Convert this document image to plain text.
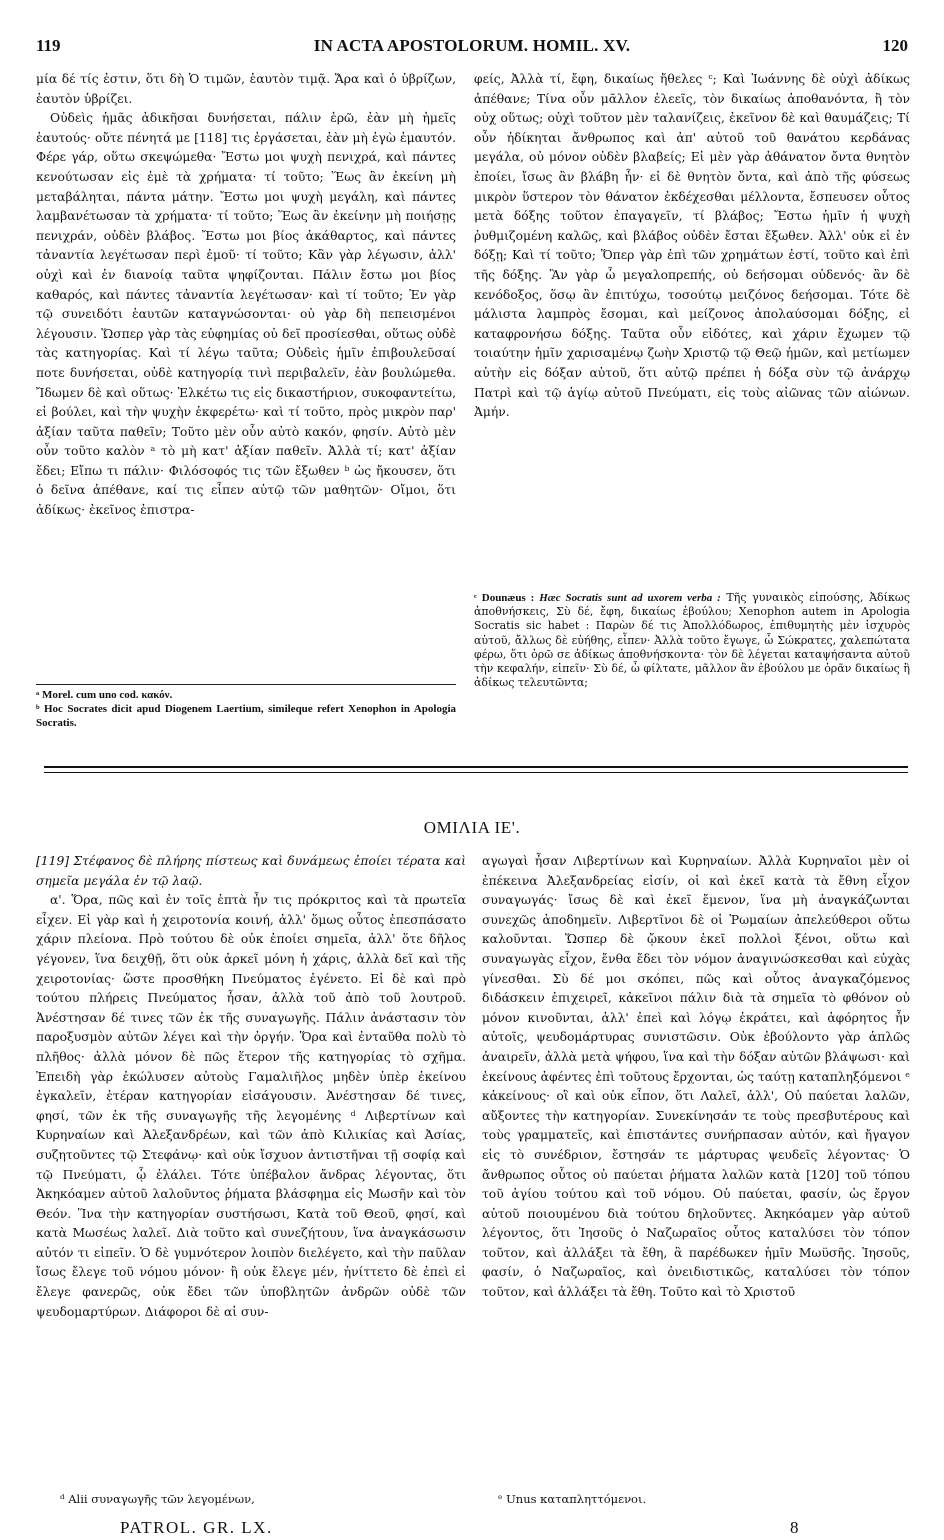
119	IN ACTA APOSTOLORUM. HOMIL. XV.	120

μία δέ τίς ἐστιν, ὅτι δὴ Ὁ τιμῶν, ἑαυτὸν τιμᾷ. Ἄρα καὶ ὁ ὑβρίζων, ἑαυτὸν ὑβρίζει.

Οὐδεὶς ἡμᾶς ἀδικῆσαι δυνήσεται, πάλιν ἐρῶ, ἐὰν μὴ ἡμεῖς ἑαυτούς· οὔτε πένητά με [118] τις ἐργάσεται, ἐὰν μὴ ἐγὼ ἐμαυτόν. Φέρε γάρ, οὕτω σκεψώμεθα· Ἔστω μοι ψυχὴ πενιχρά, καὶ πάντες κενούτωσαν εἰς ἐμὲ τὰ χρήματα· τί τοῦτο; Ἕως ἂν ἐκείνη μὴ μεταβάληται, πάντα μάτην. Ἔστω μοι ψυχὴ μεγάλη, καὶ πάντες λαμβανέτωσαν τὰ χρήματα· τί τοῦτο; Ἕως ἂν ἐκείνην μὴ ποιήσῃς πενιχράν, οὐδὲν βλάβος. Ἔστω μοι βίος ἀκάθαρτος, καὶ πάντες τἀναντία λεγέτωσαν περὶ ἐμοῦ· τί τοῦτο; Κἂν γὰρ λέγωσιν, ἀλλ' οὐχὶ καὶ ἐν διανοίᾳ ταῦτα ψηφίζονται. Πάλιν ἔστω μοι βίος καθαρός, καὶ πάντες τἀναντία λεγέτωσαν· καὶ τί τοῦτο; Ἐν γὰρ τῷ συνειδότι ἑαυτῶν καταγνώσονται· οὐ γὰρ δὴ πεπεισμένοι λέγουσιν. Ὥσπερ γὰρ τὰς εὐφημίας οὐ δεῖ προσίεσθαι, οὕτως οὐδὲ τὰς κατηγορίας. Καὶ τί λέγω ταῦτα; Οὐδεὶς ἡμῖν ἐπιβουλεῦσαί ποτε δυνήσεται, οὐδὲ κατηγορίᾳ τινὶ περιβαλεῖν, ἐὰν βουλώμεθα. Ἴδωμεν δὲ καὶ οὕτως· Ἑλκέτω τις εἰς δικαστήριον, συκοφαντείτω, εἰ βούλει, καὶ τὴν ψυχὴν ἐκφερέτω· καὶ τί τοῦτο, πρὸς μικρὸν παρ' ἀξίαν ταῦτα παθεῖν; Τοῦτο μὲν οὖν αὐτὸ κακόν, φησίν. Αὐτὸ μὲν οὖν τοῦτο καλὸν ᵃ τὸ μὴ κατ' ἀξίαν παθεῖν. Ἀλλὰ τί; κατ' ἀξίαν ἔδει; Εἴπω τι πάλιν· Φιλόσοφός τις τῶν ἔξωθεν ᵇ ὡς ἤκουσεν, ὅτι ὁ δεῖνα ἀπέθανε, καί τις εἶπεν αὐτῷ τῶν μαθητῶν· Οἴμοι, ὅτι ἀδίκως· ἐκεῖνος ἐπιστρα-

ᵃ Morel. cum uno cod. κακόν.
ᵇ Hoc Socrates dicit apud Diogenem Laertium, simileque refert Xenophon in Apologia Socratis.

φείς, Ἀλλὰ τί, ἔφη, δικαίως ἤθελες ᶜ; Καὶ Ἰωάννης δὲ οὐχὶ ἀδίκως ἀπέθανε; Τίνα οὖν μᾶλλον ἐλεεῖς, τὸν δικαίως ἀποθανόντα, ἢ τὸν οὐχ οὕτως; οὐχὶ τοῦτον μὲν ταλανίζεις, ἐκεῖνον δὲ καὶ θαυμάζεις; Τί οὖν ἠδίκηται ἄνθρωπος καὶ ἀπ' αὐτοῦ τοῦ θανάτου κερδάνας μεγάλα, οὐ μόνον οὐδὲν βλαβείς; Εἰ μὲν γὰρ ἀθάνατον ὄντα θνητὸν ἐποίει, ἴσως ἂν βλάβη ἦν· εἰ δὲ θνητὸν ὄντα, καὶ ἀπὸ τῆς φύσεως μικρὸν ὕστερον τὸν θάνατον ἐκδέχεσθαι μέλλοντα, ἔσπευσεν οὗτος μετὰ δόξης τοῦτον ἐπαγαγεῖν, τί βλάβος; Ἔστω ἡμῖν ἡ ψυχὴ ῥυθμιζομένη καλῶς, καὶ βλάβος οὐδὲν ἔσται ἔξωθεν. Ἀλλ' οὐκ εἰ ἐν δόξῃ; Καὶ τί τοῦτο; Ὅπερ γὰρ ἐπὶ τῶν χρημάτων ἐστί, τοῦτο καὶ ἐπὶ τῆς δόξης. Ἂν γὰρ ὦ μεγαλοπρεπής, οὐ δεήσομαι οὐδενός· ἂν δὲ κενόδοξος, ὅσῳ ἂν ἐπιτύχω, τοσούτῳ μειζόνος δεήσομαι. Τότε δὲ μάλιστα λαμπρὸς ἔσομαι, καὶ μείζονος ἀπολαύσομαι δόξης, εἰ καταφρονήσω δόξης. Ταῦτα οὖν εἰδότες, καὶ χάριν ἔχωμεν τῷ τοιαύτην ἡμῖν χαρισαμένῳ ζωὴν Χριστῷ τῷ Θεῷ ἡμῶν, καὶ μετίωμεν αὐτὴν εἰς δόξαν αὐτοῦ, ὅτι αὐτῷ πρέπει ἡ δόξα σὺν τῷ ἀνάρχῳ Πατρὶ καὶ τῷ ἁγίῳ αὐτοῦ Πνεύματι, εἰς τοὺς αἰῶνας τῶν αἰώνων. Ἀμήν.

ᶜ Dounæus : Hæc Socratis sunt ad uxorem verba : Τῆς γυναικὸς εἰπούσης, Ἀδίκως ἀποθνήσκεις, Σὺ δέ, ἔφη, δικαίως ἐβούλου; Xenophon autem in Apologia Socratis sic habet : Παρὼν δέ τις Ἀπολλόδωρος, ἐπιθυμητὴς μὲν ἰσχυρὸς αὐτοῦ, ἄλλως δὲ εὐήθης, εἶπεν· Ἀλλὰ τοῦτο ἔγωγε, ὦ Σώκρατες, χαλεπώτατα φέρω, ὅτι ὁρῶ σε ἀδίκως ἀποθνήσκοντα· τὸν δὲ λέγεται καταψήσαντα αὐτοῦ τὴν κεφαλήν, εἰπεῖν· Σὺ δέ, ὦ φίλτατε, μᾶλλον ἂν ἐβούλου με ὁρᾶν δικαίως ἢ ἀδίκως τελευτῶντα;
ΟΜΙΛΙΑ ΙΕ'.

[119] Στέφανος δὲ πλήρης πίστεως καὶ δυνάμεως ἐποίει τέρατα καὶ σημεῖα μεγάλα ἐν τῷ λαῷ.

α'. Ὅρα, πῶς καὶ ἐν τοῖς ἑπτὰ ἦν τις πρόκριτος καὶ τὰ πρωτεῖα εἶχεν. Εἰ γὰρ καὶ ἡ χειροτονία κοινή, ἀλλ' ὅμως οὗτος ἐπεσπάσατο χάριν πλείονα. Πρὸ τούτου δὲ οὐκ ἐποίει σημεῖα, ἀλλ' ὅτε δῆλος γέγονεν, ἵνα δειχθῇ, ὅτι οὐκ ἀρκεῖ μόνη ἡ χάρις, ἀλλὰ δεῖ καὶ τῆς χειροτονίας· ὥστε προσθήκη Πνεύματος ἐγένετο. Εἰ δὲ καὶ πρὸ τούτου πλήρεις Πνεύματος ἦσαν, ἀλλὰ τοῦ ἀπὸ τοῦ λουτροῦ. Ἀνέστησαν δέ τινες τῶν ἐκ τῆς συναγωγῆς. Πάλιν ἀνάστασιν τὸν παροξυσμὸν αὐτῶν λέγει καὶ τὴν ὀργήν. Ὅρα καὶ ἐνταῦθα πολὺ τὸ πλῆθος· ἀλλὰ μόνον δὲ πῶς ἕτερον τῆς κατηγορίας τὸ σχῆμα. Ἐπειδὴ γὰρ ἐκώλυσεν αὐτοὺς Γαμαλιῆλος μηδὲν ὑπὲρ ἐκείνου ἐγκαλεῖν, ἑτέραν κατηγορίαν εἰσάγουσιν. Ἀνέστησαν δέ τινες, φησί, τῶν ἐκ τῆς συναγωγῆς τῆς λεγομένης ᵈ Λιβερτίνων καὶ Κυρηναίων καὶ Ἀλεξανδρέων, καὶ τῶν ἀπὸ Κιλικίας καὶ Ἀσίας, συζητοῦντες τῷ Στεφάνῳ· καὶ οὐκ ἴσχυον ἀντιστῆναι τῇ σοφίᾳ καὶ τῷ Πνεύματι, ᾧ ἐλάλει. Τότε ὑπέβαλον ἄνδρας λέγοντας, ὅτι Ἀκηκόαμεν αὐτοῦ λαλοῦντος ῥήματα βλάσφημα εἰς Μωσῆν καὶ τὸν Θεόν. Ἵνα τὴν κατηγορίαν συστήσωσι, Κατὰ τοῦ Θεοῦ, φησί, καὶ κατὰ Μωσέως λαλεῖ. Διὰ τοῦτο καὶ συνεζήτουν, ἵνα ἀναγκάσωσιν αὐτόν τι εἰπεῖν. Ὁ δὲ γυμνότερον λοιπὸν διελέγετο, καὶ τὴν παῦλαν ἴσως ἔλεγε τοῦ νόμου μόνον· ἢ οὐκ ἔλεγε μέν, ἠνίττετο δὲ ἐπεὶ εἰ ἔλεγε φανερῶς, οὐκ ἔδει τῶν ὑποβλητῶν ἀνδρῶν οὐδὲ τῶν ψευδομαρτύρων. Διάφοροι δὲ αἱ συν-

αγωγαὶ ἦσαν Λιβερτίνων καὶ Κυρηναίων. Ἀλλὰ Κυρηναῖοι μὲν οἱ ἐπέκεινα Ἀλεξανδρείας εἰσίν, οἱ καὶ ἐκεῖ κατὰ τὰ ἔθνη εἶχον συναγωγάς· ἴσως δὲ καὶ ἐκεῖ ἔμενον, ἵνα μὴ ἀναγκάζωνται συνεχῶς ἀποδημεῖν. Λιβερτῖνοι δὲ οἱ Ῥωμαίων ἀπελεύθεροι οὕτω καλοῦνται. Ὥσπερ δὲ ᾤκουν ἐκεῖ πολλοὶ ξένοι, οὕτω καὶ συναγωγὰς εἶχον, ἔνθα ἔδει τὸν νόμον ἀναγινώσκεσθαι καὶ εὐχὰς γίνεσθαι. Σὺ δέ μοι σκόπει, πῶς καὶ οὗτος ἀναγκαζόμενος διδάσκειν ἐπιχειρεῖ, κἀκεῖνοι πάλιν διὰ τὰ σημεῖα τὸ φθόνον οὐ μόνον κινοῦνται, ἀλλ' ἐπεὶ καὶ λόγῳ ἐκράτει, καὶ ἀφόρητος ἦν αὐτοῖς, ψευδομάρτυρας συνιστῶσιν. Οὐκ ἐβούλοντο γὰρ ἁπλῶς ἀναιρεῖν, ἀλλὰ μετὰ ψήφου, ἵνα καὶ τὴν δόξαν αὐτῶν βλάψωσι· καὶ ἐκείνους ἀφέντες ἐπὶ τοῦτους ἔρχονται, ὡς ταύτῃ καταπληξόμενοι ᵉ κἀκείνους· οἳ καὶ οὐκ εἶπον, ὅτι Λαλεῖ, ἀλλ', Οὐ παύεται λαλῶν, αὔξοντες τὴν κατηγορίαν. Συνεκίνησάν τε τοὺς πρεσβυτέρους καὶ τοὺς γραμματεῖς, καὶ ἐπιστάντες συνήρπασαν αὐτόν, καὶ ἤγαγον εἰς τὸ συνέδριον, ἔστησάν τε μάρτυρας ψευδεῖς λέγοντας· Ὁ ἄνθρωπος οὗτος οὐ παύεται ῥήματα λαλῶν κατὰ [120] τοῦ τόπου τοῦ ἁγίου τούτου καὶ τοῦ νόμου. Οὐ παύεται, φασίν, ὡς ἔργον αὐτοῦ ποιουμένου διὰ τούτου δηλοῦντες. Ἀκηκόαμεν γὰρ αὐτοῦ λέγοντος, ὅτι Ἰησοῦς ὁ Ναζωραῖος οὗτος καταλύσει τὸν τόπον τοῦτον, καὶ ἀλλάξει τὰ ἔθη, ἃ παρέδωκεν ἡμῖν Μωϋσῆς. Ἰησοῦς, φασίν, ὁ Ναζωραῖος, καὶ ὀνειδιστικῶς, καταλύσει τὸν τόπον τοῦτον, καὶ ἀλλάξει τὰ ἔθη. Τοῦτο καὶ τὸ Χριστοῦ

ᵈ Alii συναγωγῆς τῶν λεγομένων,	ᵉ Unus καταπληττόμενοι.
PATROL. GR. LX.	8
